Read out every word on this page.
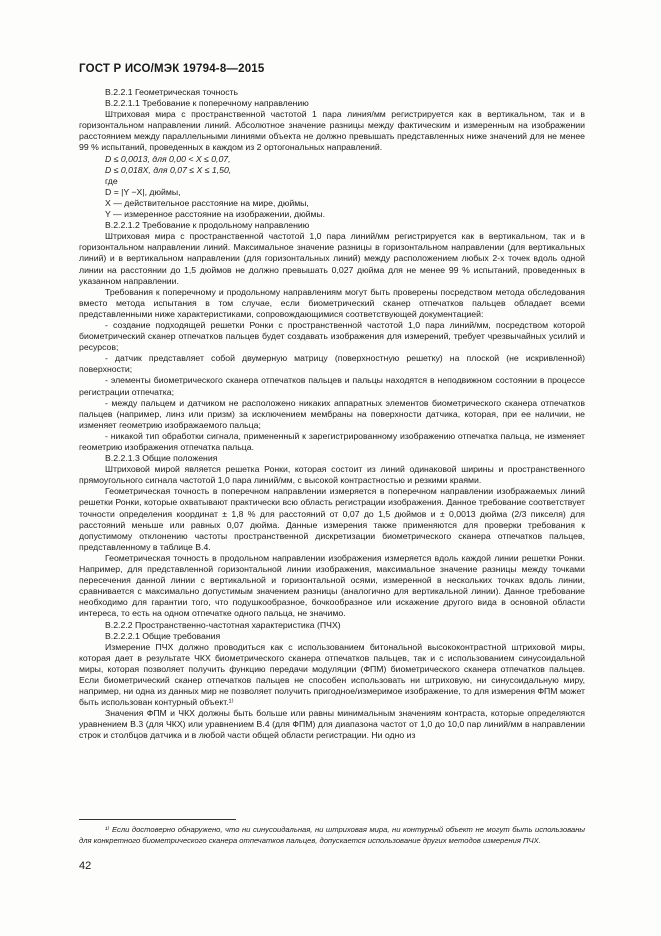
ГОСТ Р ИСО/МЭК 19794-8—2015

В.2.2.1 Геометрическая точность

В.2.2.1.1 Требование к поперечному направлению

Штриховая мира с пространственной частотой 1 пара линия/мм регистрируется как в вертикальном, так и в горизонтальном направлении линий. Абсолютное значение разницы между фактическим и измеренным на изображении расстоянием между параллельными линиями объекта не должно превышать представленных ниже значений для не менее 99 % испытаний, проведенных в каждом из 2 ортогональных направлений.

D ≤ 0,0013, для 0,00 < X ≤ 0,07,

D ≤ 0,018X, для 0,07 ≤ X ≤ 1,50,

где

D = |Y −X|, дюймы,

X — действительное расстояние на мире, дюймы,

Y — измеренное расстояние на изображении, дюймы.

В.2.2.1.2 Требование к продольному направлению

Штриховая мира с пространственной частотой 1,0 пара линий/мм регистрируется как в вертикальном, так и в горизонтальном направлении линий. Максимальное значение разницы в горизонтальном направлении (для вертикальных линий) и в вертикальном направлении (для горизонтальных линий) между расположением любых 2-х точек вдоль одной линии на расстоянии до 1,5 дюймов не должно превышать 0,027 дюйма для не менее 99 % испытаний, проведенных в указанном направлении.

Требования к поперечному и продольному направлениям могут быть проверены посредством метода обследования вместо метода испытания в том случае, если биометрический сканер отпечатков пальцев обладает всеми представленными ниже характеристиками, сопровождающимися соответствующей документацией:

- создание подходящей решетки Ронки с пространственной частотой 1,0 пара линий/мм, посредством которой биометрический сканер отпечатков пальцев будет создавать изображения для измерений, требует чрезвычайных усилий и ресурсов;

- датчик представляет собой двумерную матрицу (поверхностную решетку) на плоской (не искривленной) поверхности;

- элементы биометрического сканера отпечатков пальцев и пальцы находятся в неподвижном состоянии в процессе регистрации отпечатка;

- между пальцем и датчиком не расположено никаких аппаратных элементов биометрического сканера отпечатков пальцев (например, линз или призм) за исключением мембраны на поверхности датчика, которая, при ее наличии, не изменяет геометрию изображаемого пальца;

- никакой тип обработки сигнала, примененный к зарегистрированному изображению отпечатка пальца, не изменяет геометрию изображения отпечатка пальца.

В.2.2.1.3 Общие положения

Штриховой мирой является решетка Ронки, которая состоит из линий одинаковой ширины и пространственного прямоугольного сигнала частотой 1,0 пара линий/мм, с высокой контрастностью и резкими краями.

Геометрическая точность в поперечном направлении измеряется в поперечном направлении изображаемых линий решетки Ронки, которые охватывают практически всю область регистрации изображения. Данное требование соответствует точности определения координат ± 1,8 % для расстояний от 0,07 до 1,5 дюймов и ± 0,0013 дюйма (2/3 пикселя) для расстояний меньше или равных 0,07 дюйма. Данные измерения также применяются для проверки требования к допустимому отклонению частоты пространственной дискретизации биометрического сканера отпечатков пальцев, представленному в таблице В.4.

Геометрическая точность в продольном направлении изображения измеряется вдоль каждой линии решетки Ронки. Например, для представленной горизонтальной линии изображения, максимальное значение разницы между точками пересечения данной линии с вертикальной и горизонтальной осями, измеренной в нескольких точках вдоль линии, сравнивается с максимально допустимым значением разницы (аналогично для вертикальной линии). Данное требование необходимо для гарантии того, что подушкообразное, бочкообразное или искажение другого вида в основной области интереса, то есть на одном отпечатке одного пальца, не значимо.

В.2.2.2 Пространственно-частотная характеристика (ПЧХ)

В.2.2.2.1 Общие требования

Измерение ПЧХ должно проводиться как с использованием битональной высококонтрастной штриховой миры, которая дает в результате ЧКХ биометрического сканера отпечатков пальцев, так и с использованием синусоидальной миры, которая позволяет получить функцию передачи модуляции (ФПМ) биометрического сканера отпечатков пальцев. Если биометрический сканер отпечатков пальцев не способен использовать ни штриховую, ни синусоидальную миру, например, ни одна из данных мир не позволяет получить пригодное/измеримое изображение, то для измерения ФПМ может быть использован контурный объект.¹⁾

Значения ФПМ и ЧКХ должны быть больше или равны минимальным значениям контраста, которые определяются уравнением В.3 (для ЧКХ) или уравнением В.4 (для ФПМ) для диапазона частот от 1,0 до 10,0 пар линий/мм в направлении строк и столбцов датчика и в любой части общей области регистрации. Ни одно из

¹⁾ Если достоверно обнаружено, что ни синусоидальная, ни штриховая мира, ни контурный объект не могут быть использованы для конкретного биометрического сканера отпечатков пальцев, допускается использование других методов измерения ПЧХ.
42
